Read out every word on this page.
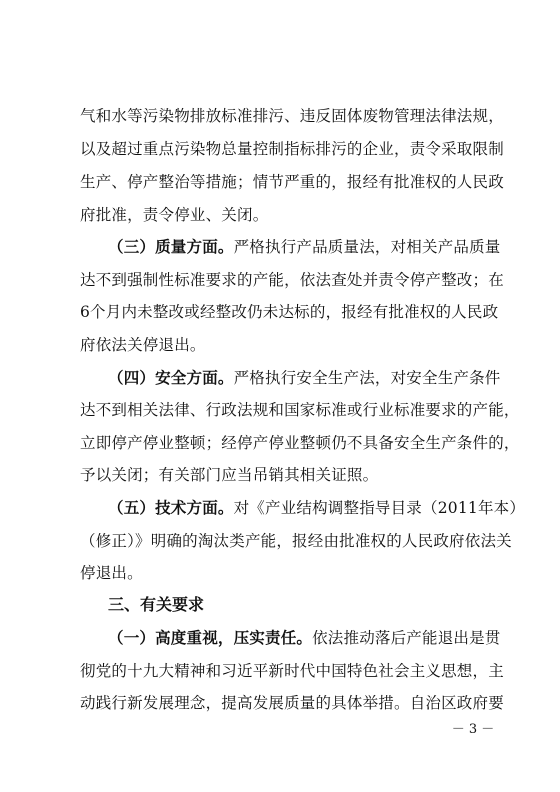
气和水等污染物排放标准排污、违反固体废物管理法律法规，
以及超过重点污染物总量控制指标排污的企业，责令采取限制
生产、停产整治等措施；情节严重的，报经有批准权的人民政
府批准，责令停业、关闭。
（三）质量方面。严格执行产品质量法，对相关产品质量
达不到强制性标准要求的产能，依法查处并责令停产整改；在
6个月内未整改或经整改仍未达标的，报经有批准权的人民政
府依法关停退出。
（四）安全方面。严格执行安全生产法，对安全生产条件
达不到相关法律、行政法规和国家标准或行业标准要求的产能，
立即停产停业整顿；经停产停业整顿仍不具备安全生产条件的，
予以关闭；有关部门应当吊销其相关证照。
（五）技术方面。对《产业结构调整指导目录（2011年本）
（修正）》明确的淘汰类产能，报经由批准权的人民政府依法关
停退出。
三、有关要求
（一）高度重视，压实责任。依法推动落后产能退出是贯
彻党的十九大精神和习近平新时代中国特色社会主义思想，主
动践行新发展理念，提高发展质量的具体举措。自治区政府要
－ 3 －
